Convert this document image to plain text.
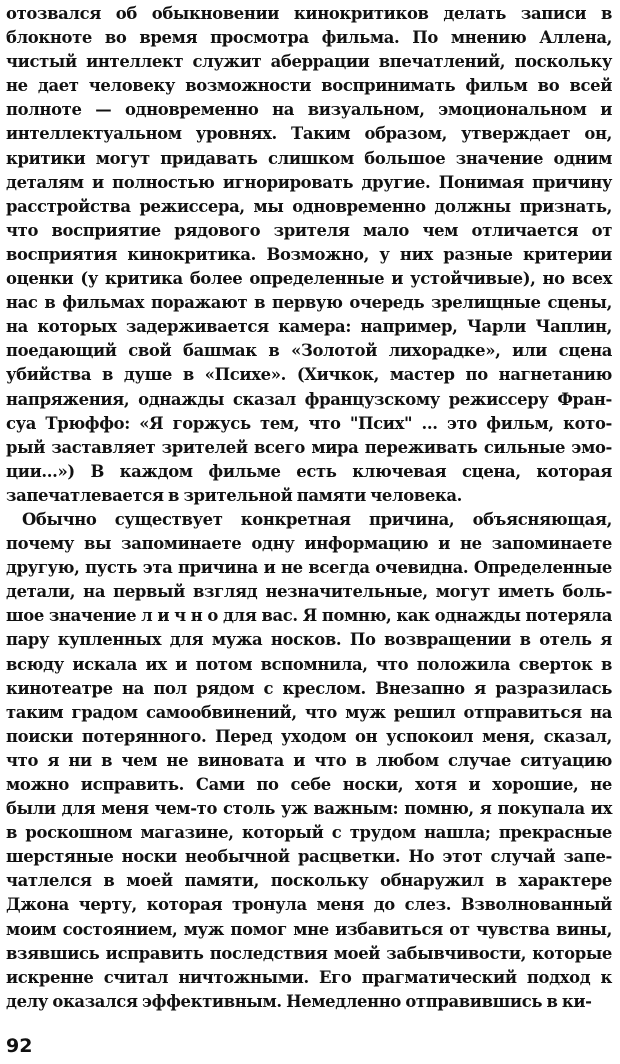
отозвался об обыкновении кинокритиков делать записи в
блокноте во время просмотра фильма. По мнению Аллена,
чистый интеллект служит аберрации впечатлений, поскольку
не дает человеку возможности воспринимать фильм во всей
полноте — одновременно на визуальном, эмоциональном и
интеллектуальном уровнях. Таким образом, утверждает он,
критики могут придавать слишком большое значение одним
деталям и полностью игнорировать другие. Понимая причину
расстройства режиссера, мы одновременно должны признать,
что восприятие рядового зрителя мало чем отличается от
восприятия кинокритика. Возможно, у них разные критерии
оценки (у критика более определенные и устойчивые), но всех
нас в фильмах поражают в первую очередь зрелищные сцены,
на которых задерживается камера: например, Чарли Чаплин,
поедающий свой башмак в «Золотой лихорадке», или сцена
убийства в душе в «Психе». (Хичкок, мастер по нагнетанию
напряжения, однажды сказал французскому режиссеру Фран-
суа Трюффо: «Я горжусь тем, что "Псих" ... это фильм, кото-
рый заставляет зрителей всего мира переживать сильные эмо-
ции...») В каждом фильме есть ключевая сцена, которая
запечатлевается в зрительной памяти человека.
Обычно существует конкретная причина, объясняющая,
почему вы запоминаете одну информацию и не запоминаете
другую, пусть эта причина и не всегда очевидна. Определенные
детали, на первый взгляд незначительные, могут иметь боль-
шое значение л и ч н о для вас. Я помню, как однажды потеряла
пару купленных для мужа носков. По возвращении в отель я
всюду искала их и потом вспомнила, что положила сверток в
кинотеатре на пол рядом с креслом. Внезапно я разразилась
таким градом самообвинений, что муж решил отправиться на
поиски потерянного. Перед уходом он успокоил меня, сказал,
что я ни в чем не виновата и что в любом случае ситуацию
можно исправить. Сами по себе носки, хотя и хорошие, не
были для меня чем-то столь уж важным: помню, я покупала их
в роскошном магазине, который с трудом нашла; прекрасные
шерстяные носки необычной расцветки. Но этот случай запе-
чатлелся в моей памяти, поскольку обнаружил в характере
Джона черту, которая тронула меня до слез. Взволнованный
моим состоянием, муж помог мне избавиться от чувства вины,
взявшись исправить последствия моей забывчивости, которые
искренне считал ничтожными. Его прагматический подход к
делу оказался эффективным. Немедленно отправившись в ки-
92
